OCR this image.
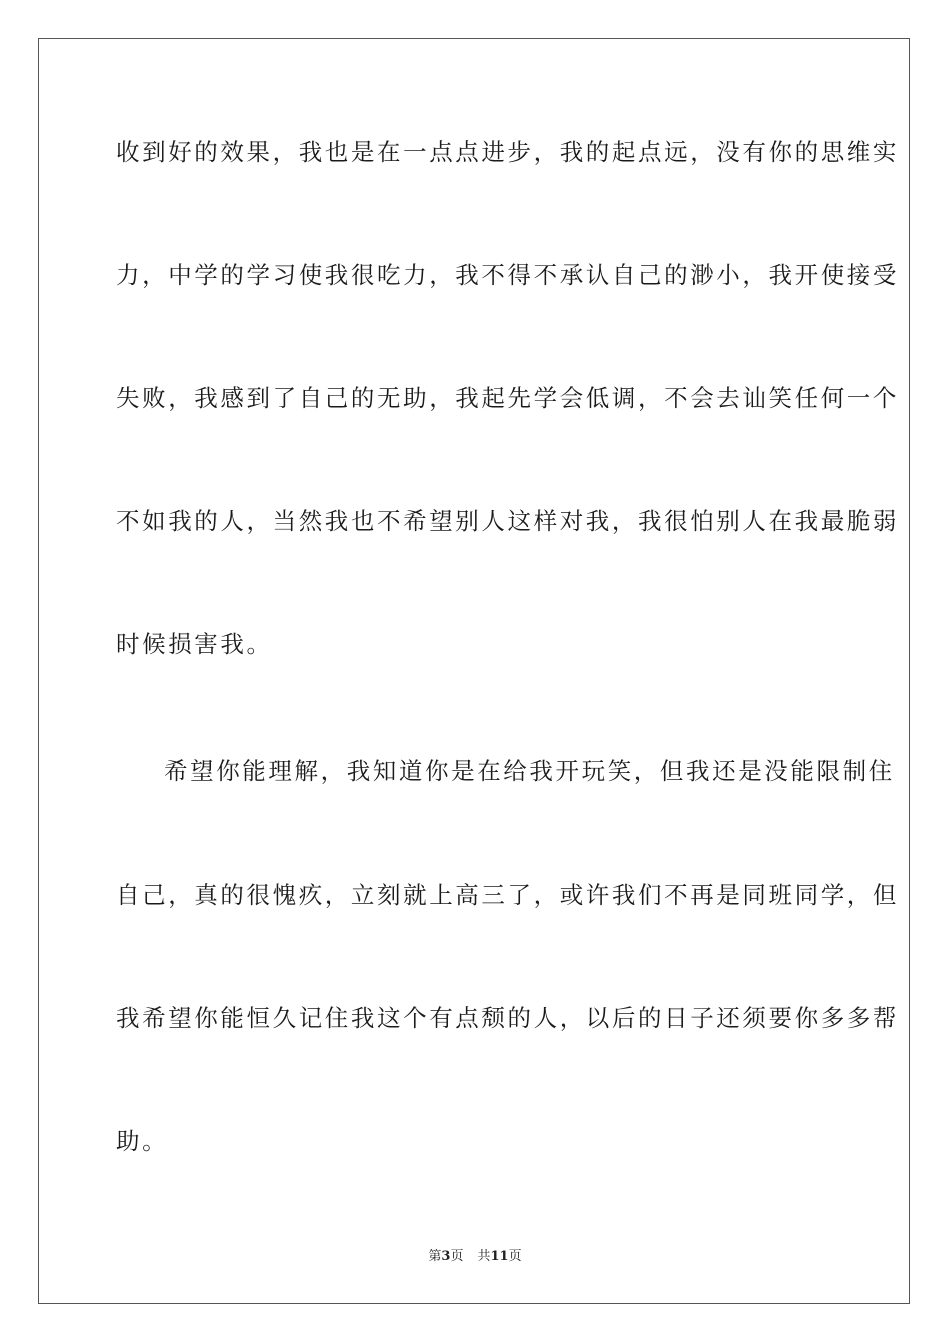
收到好的效果，我也是在一点点进步，我的起点远，没有你的思维实
力，中学的学习使我很吃力，我不得不承认自己的渺小，我开使接受
失败，我感到了自己的无助，我起先学会低调，不会去讪笑任何一个
不如我的人，当然我也不希望别人这样对我，我很怕别人在我最脆弱
时候损害我。
希望你能理解，我知道你是在给我开玩笑，但我还是没能限制住
自己，真的很愧疚，立刻就上高三了，或许我们不再是同班同学，但
我希望你能恒久记住我这个有点颓的人，以后的日子还须要你多多帮
助。
第3页 共11页
